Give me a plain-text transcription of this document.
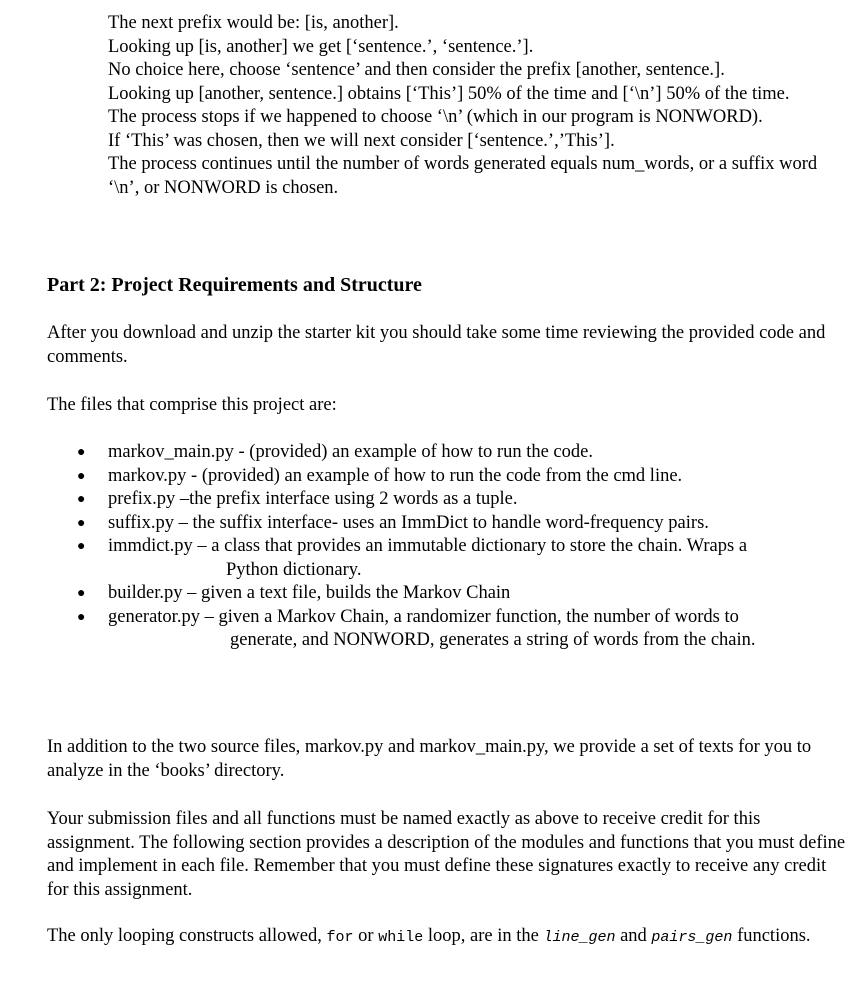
The next prefix would be: [is, another].

Looking up [is, another] we get [‘sentence.’, ‘sentence.’].

No choice here, choose ‘sentence’ and then consider the prefix [another, sentence.].

Looking up [another, sentence.] obtains [‘This’] 50% of the time and [‘\n’] 50% of the time.

The process stops if we happened to choose ‘\n’ (which in our program is NONWORD).

If ‘This’ was chosen, then we will next consider [‘sentence.’,’This’].

The process continues until the number of words generated equals num_words, or a suffix word ‘\n’, or NONWORD is chosen.

Part 2: Project Requirements and Structure

After you download and unzip the starter kit you should take some time reviewing the provided code and comments.

The files that comprise this project are:

● markov_main.py - (provided) an example of how to run the code.
● markov.py - (provided) an example of how to run the code from the cmd line.
● prefix.py –the prefix interface using 2 words as a tuple.
● suffix.py – the suffix interface- uses an ImmDict to handle word-frequency pairs.
● immdict.py – a class that provides an immutable dictionary to store the chain. Wraps a
Python dictionary.
● builder.py – given a text file, builds the Markov Chain
● generator.py – given a Markov Chain, a randomizer function, the number of words to
generate, and NONWORD, generates a string of words from the chain.

In addition to the two source files, markov.py and markov_main.py, we provide a set of texts for you to analyze in the ‘books’ directory.

Your submission files and all functions must be named exactly as above to receive credit for this assignment. The following section provides a description of the modules and functions that you must define and implement in each file. Remember that you must define these signatures exactly to receive any credit for this assignment.

The only looping constructs allowed, for or while loop, are in the line_gen and pairs_gen functions.
